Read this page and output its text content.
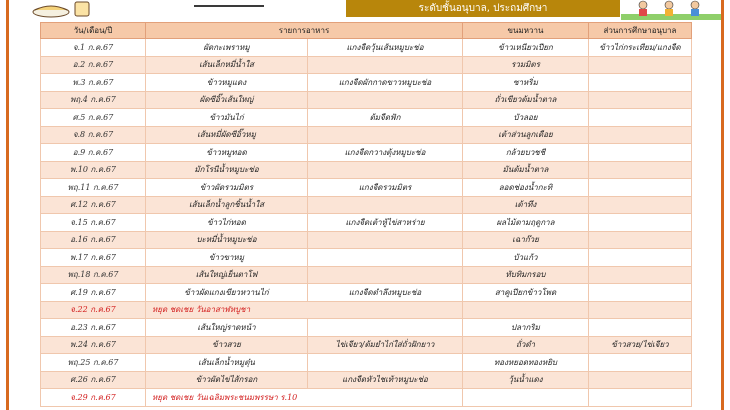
ระดับชั้นอนุบาล, ประถมศึกษา
วัน/เดือน/ปี	รายการอาหาร		ขนมหวาน	ส่วนการศึกษาอนุบาล
จ.1 ก.ค.67	ผัดกะเพราหมู	แกงจืดวุ้นเส้นหมูบะช่อ	ข้าวเหนียวเปียก	ข้าวไก่กระเทียม/แกงจืด
อ.2 ก.ค.67	เส้นเล็กหมี่น้ำใส		รวมมิตร	
พ.3 ก.ค.67	ข้าวหมูแดง	แกงจืดผักกาดขาวหมูบะช่อ	ซาหริ่ม	
พฤ.4 ก.ค.67	ผัดซีอิ๊วเส้นใหญ่		ถั่วเขียวต้มน้ำตาล	
ศ.5 ก.ค.67	ข้าวมันไก่	ต้มจืดฟัก	บัวลอย	
จ.8 ก.ค.67	เส้นหมี่ผัดซีอิ๊วหมู		เต้าส่วนลูกเดือย	
อ.9 ก.ค.67	ข้าวหมูทอด	แกงจืดกวางตุ้งหมูบะช่อ	กล้วยบวชชี	
พ.10 ก.ค.67	มักโรนีน้ำหมูบะช่อ		มันต้มน้ำตาล	
พฤ.11 ก.ค.67	ข้าวผัดรวมมิตร	แกงจืดรวมมิตร	ลอดช่องน้ำกะทิ	
ศ.12 ก.ค.67	เส้นเล็กน้ำลูกชิ้นน้ำใส		เต้าทึง	
จ.15 ก.ค.67	ข้าวไก่ทอด	แกงจืดเต้าหู้ไข่สาหร่าย	ผลไม้ตามฤดูกาล	
อ.16 ก.ค.67	บะหมี่น้ำหมูบะช่อ		เฉาก๊วย	
พ.17 ก.ค.67	ข้าวขาหมู		บัวแก้ว	
พฤ.18 ก.ค.67	เส้นใหญ่เย็นตาโฟ		ทับทิมกรอบ	
ศ.19 ก.ค.67	ข้าวผัดแกงเขียวหวานไก่	แกงจืดตำลึงหมูบะช่อ	สาคูเปียกข้าวโพด	
จ.22 ก.ค.67	หยุด ชดเชย วันอาสาฬหบูชา			
อ.23 ก.ค.67	เส้นใหญ่ราดหน้า		ปลากริม	
พ.24 ก.ค.67	ข้าวสวย	ไข่เจียว/ต้มยำไก่ใส่ถั่วฝักยาว	ถั่วดำ	ข้าวสวย/ไข่เจียว
พฤ.25 ก.ค.67	เส้นเล็กน้ำหมูตุ๋น		ทองหยอดทองหยิบ	
ศ.26 ก.ค.67	ข้าวผัดไข่ไส้กรอก	แกงจืดหัวไชเท้าหมูบะช่อ	วุ้นน้ำแดง	
จ.29 ก.ค.67	หยุด ชดเชย วันเฉลิมพระชนมพรรษา ร.10			
